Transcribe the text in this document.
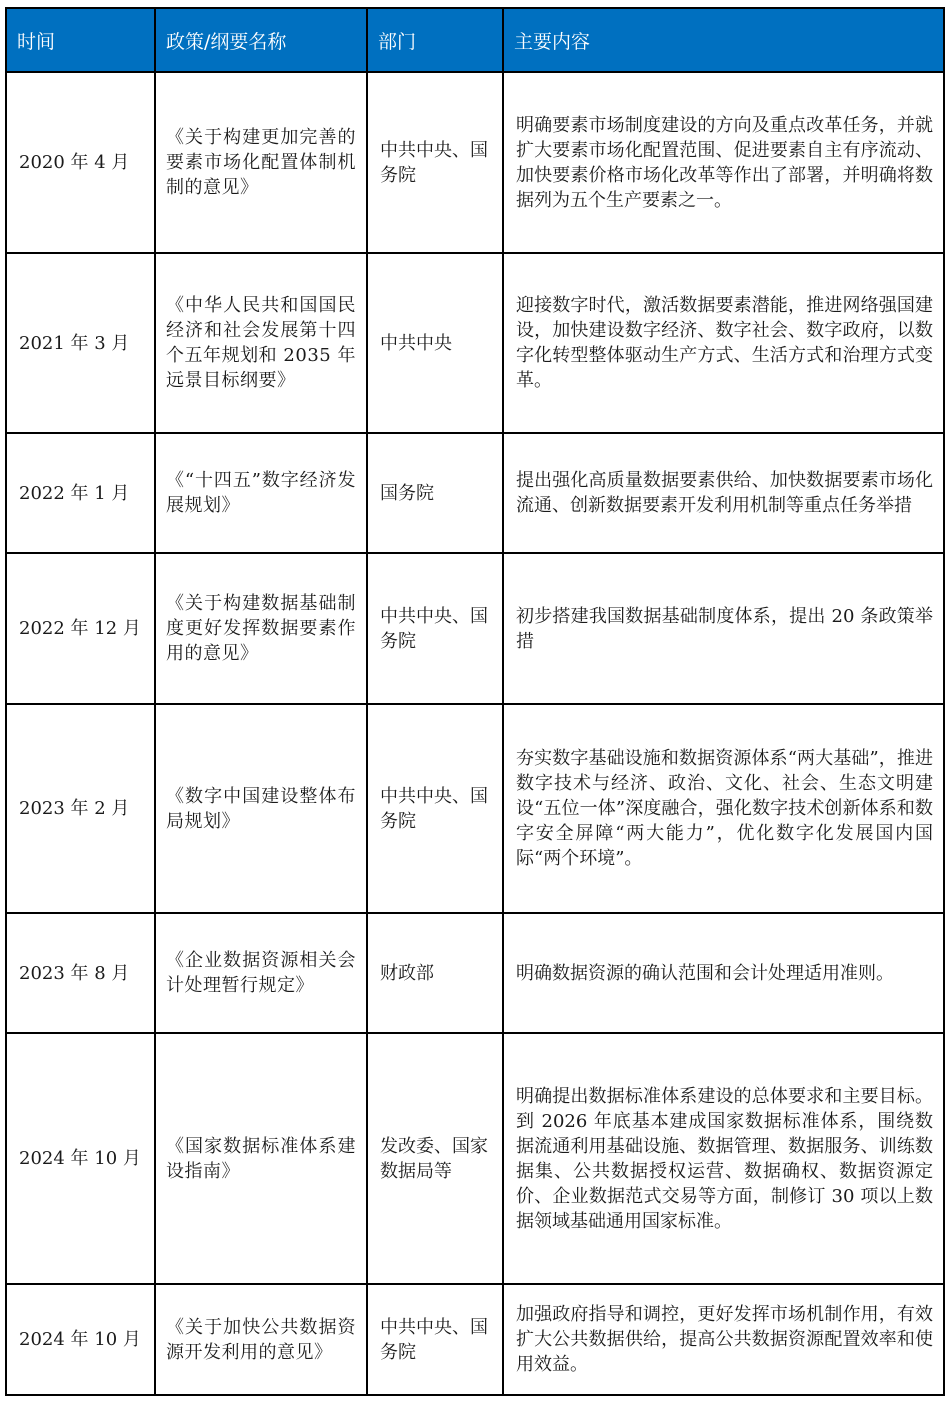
时间	政策/纲要名称	部门	主要内容
2020 年 4 月	《关于构建更加完善的要素市场化配置体制机制的意见》	中共中央、国务院	明确要素市场制度建设的方向及重点改革任务，并就扩大要素市场化配置范围、促进要素自主有序流动、加快要素价格市场化改革等作出了部署，并明确将数据列为五个生产要素之一。
2021 年 3 月	《中华人民共和国国民经济和社会发展第十四个五年规划和 2035 年远景目标纲要》	中共中央	迎接数字时代，激活数据要素潜能，推进网络强国建设，加快建设数字经济、数字社会、数字政府，以数字化转型整体驱动生产方式、生活方式和治理方式变革。
2022 年 1 月	《“十四五”数字经济发展规划》	国务院	提出强化高质量数据要素供给、加快数据要素市场化流通、创新数据要素开发利用机制等重点任务举措
2022 年 12 月	《关于构建数据基础制度更好发挥数据要素作用的意见》	中共中央、国务院	初步搭建我国数据基础制度体系，提出 20 条政策举措
2023 年 2 月	《数字中国建设整体布局规划》	中共中央、国务院	夯实数字基础设施和数据资源体系“两大基础”，推进数字技术与经济、政治、文化、社会、生态文明建设“五位一体”深度融合，强化数字技术创新体系和数字安全屏障“两大能力”，优化数字化发展国内国际“两个环境”。
2023 年 8 月	《企业数据资源相关会计处理暂行规定》	财政部	明确数据资源的确认范围和会计处理适用准则。
2024 年 10 月	《国家数据标准体系建设指南》	发改委、国家数据局等	明确提出数据标准体系建设的总体要求和主要目标。到 2026 年底基本建成国家数据标准体系，围绕数据流通利用基础设施、数据管理、数据服务、训练数据集、公共数据授权运营、数据确权、数据资源定价、企业数据范式交易等方面，制修订 30 项以上数据领域基础通用国家标准。
2024 年 10 月	《关于加快公共数据资源开发利用的意见》	中共中央、国务院	加强政府指导和调控，更好发挥市场机制作用，有效扩大公共数据供给，提高公共数据资源配置效率和使用效益。
